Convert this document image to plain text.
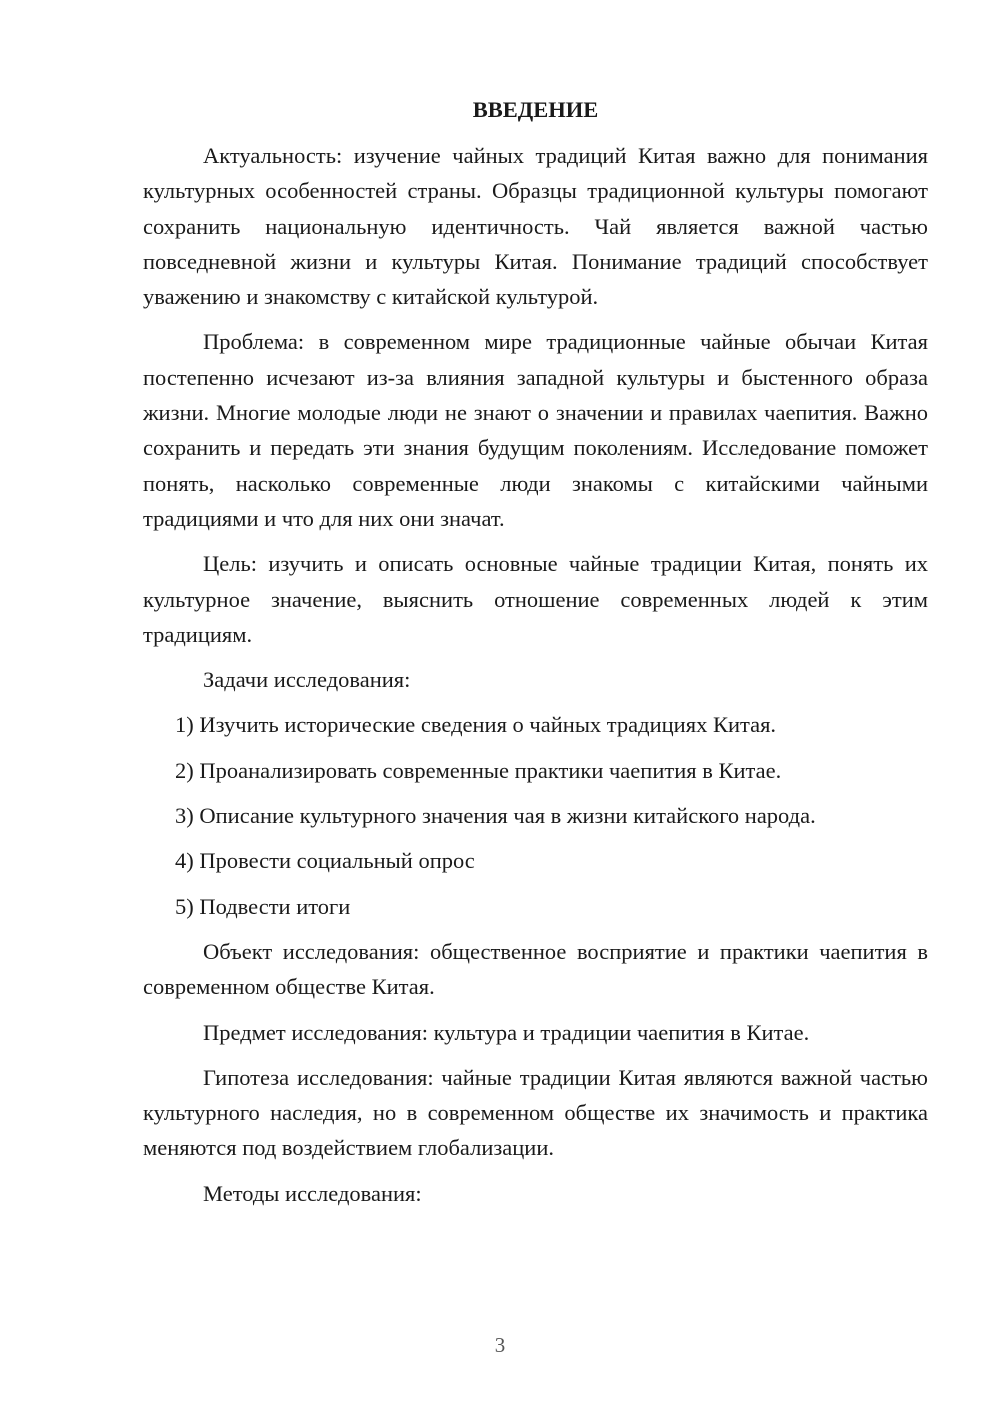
ВВЕДЕНИЕ

Актуальность: изучение чайных традиций Китая важно для понимания культурных особенностей страны. Образцы традиционной культуры помогают сохранить национальную идентичность. Чай является важной частью повседневной жизни и культуры Китая. Понимание традиций способствует уважению и знакомству с китайской культурой.

Проблема: в современном мире традиционные чайные обычаи Китая постепенно исчезают из-за влияния западной культуры и быстенного образа жизни. Многие молодые люди не знают о значении и правилах чаепития. Важно сохранить и передать эти знания будущим поколениям. Исследование поможет понять, насколько современные люди знакомы с китайскими чайными традициями и что для них они значат.

Цель: изучить и описать основные чайные традиции Китая, понять их культурное значение, выяснить отношение современных людей к этим традициям.

Задачи исследования:

1) Изучить исторические сведения о чайных традициях Китая.

2) Проанализировать современные практики чаепития в Китае.

3) Описание культурного значения чая в жизни китайского народа.

4) Провести социальный опрос

5) Подвести итоги

Объект исследования: общественное восприятие и практики чаепития в современном обществе Китая.

Предмет исследования: культура и традиции чаепития в Китае.

Гипотеза исследования: чайные традиции Китая являются важной частью культурного наследия, но в современном обществе их значимость и практика меняются под воздействием глобализации.

Методы исследования:

3
